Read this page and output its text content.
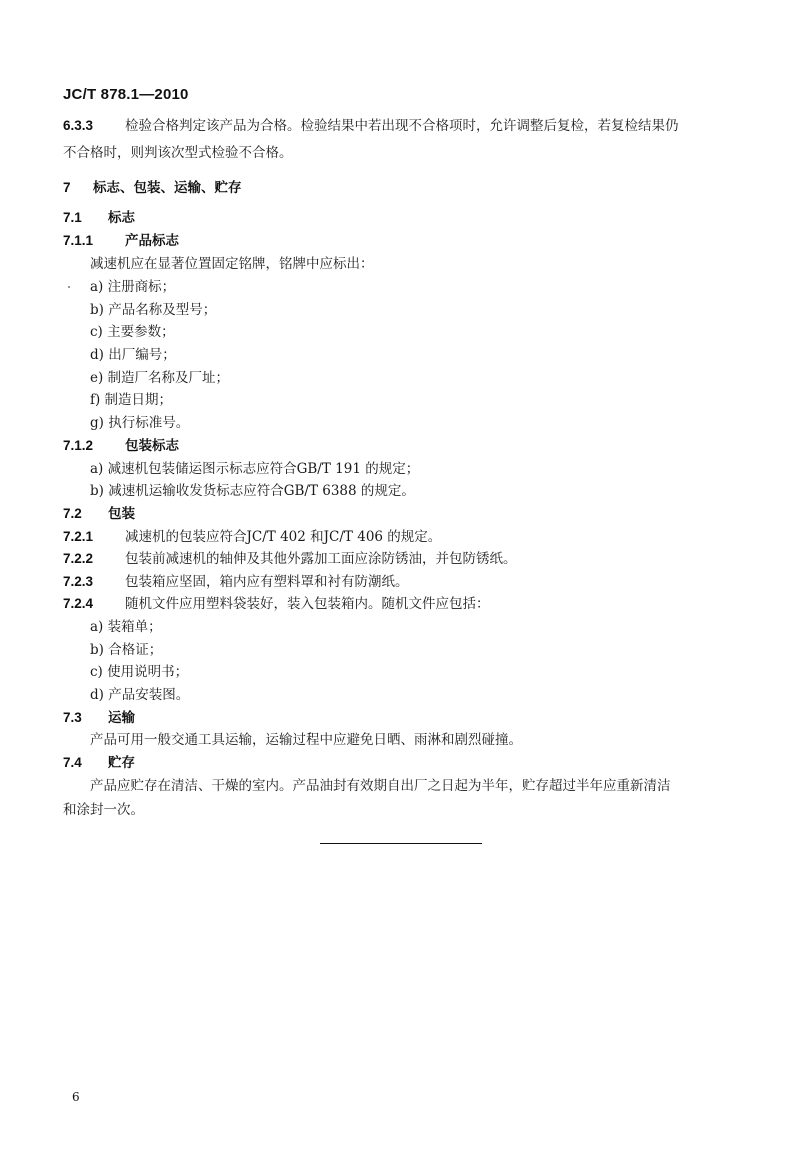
JC/T 878.1—2010
6.3.3 检验合格判定该产品为合格。检验结果中若出现不合格项时，允许调整后复检，若复检结果仍
不合格时，则判该次型式检验不合格。
7 标志、包装、运输、贮存
7.1 标志
7.1.1 产品标志
减速机应在显著位置固定铭牌，铭牌中应标出：
a) 注册商标；
b) 产品名称及型号；
c) 主要参数；
d) 出厂编号；
e) 制造厂名称及厂址；
f) 制造日期；
g) 执行标准号。
7.1.2 包装标志
a) 减速机包装储运图示标志应符合GB/T 191 的规定；
b) 减速机运输收发货标志应符合GB/T 6388 的规定。
7.2 包装
7.2.1 减速机的包装应符合JC/T 402 和JC/T 406 的规定。
7.2.2 包装前减速机的轴伸及其他外露加工面应涂防锈油，并包防锈纸。
7.2.3 包装箱应坚固，箱内应有塑料罩和衬有防潮纸。
7.2.4 随机文件应用塑料袋装好，装入包装箱内。随机文件应包括：
a) 装箱单；
b) 合格证；
c) 使用说明书；
d) 产品安装图。
7.3 运输
产品可用一般交通工具运输，运输过程中应避免日晒、雨淋和剧烈碰撞。
7.4 贮存
产品应贮存在清洁、干燥的室内。产品油封有效期自出厂之日起为半年，贮存超过半年应重新清洁
和涂封一次。
6
